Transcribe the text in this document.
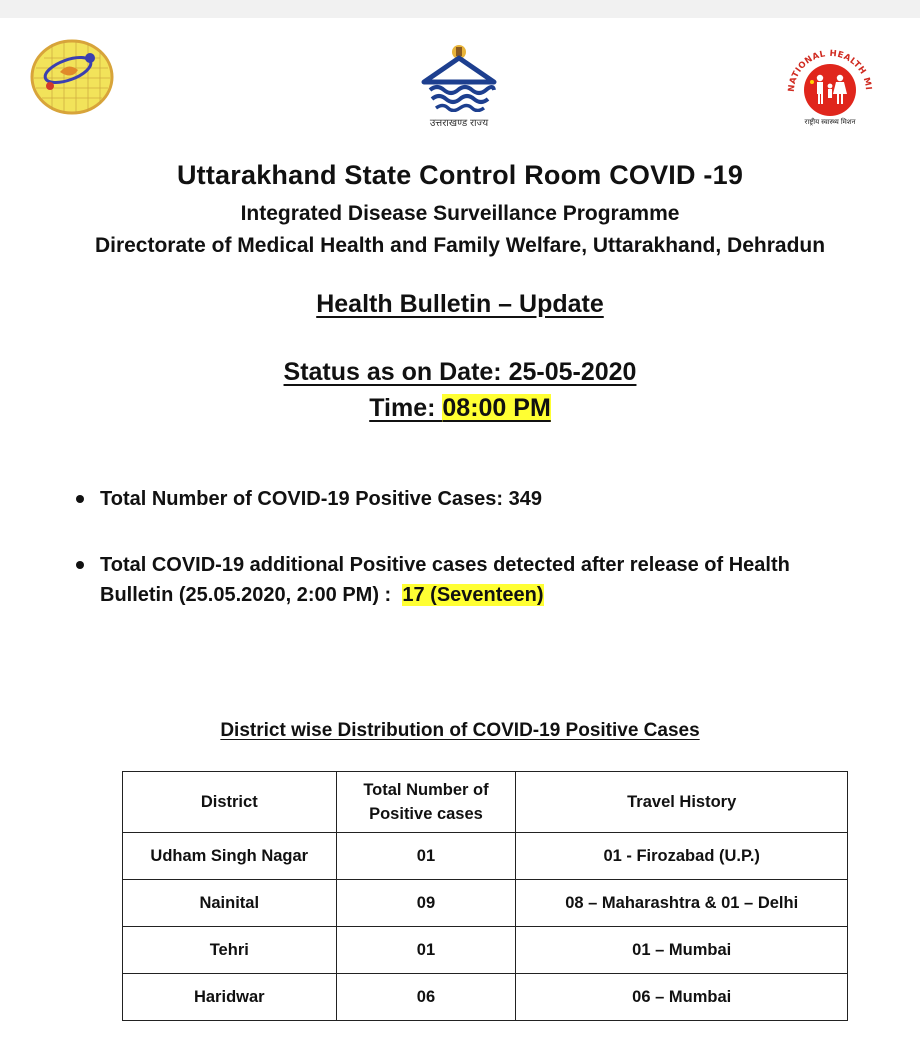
उत्तराखण्ड राज्य
NATIONAL HEALTH MI
राष्ट्रीय स्वास्थ्य मिशन
Uttarakhand State Control Room COVID -19
Integrated Disease Surveillance Programme
Directorate of Medical Health and Family Welfare, Uttarakhand, Dehradun
Health Bulletin – Update
Status as on Date: 25-05-2020
Time: 08:00 PM
Total Number of COVID-19 Positive Cases: 349
Total COVID-19 additional Positive cases detected after release of Health Bulletin (25.05.2020, 2:00 PM) : 17 (Seventeen)
District wise Distribution of COVID-19 Positive Cases
District	Total Number of Positive cases	Travel History
Udham Singh Nagar	01	01 - Firozabad (U.P.)
Nainital	09	08 – Maharashtra & 01 – Delhi
Tehri	01	01 – Mumbai
Haridwar	06	06 – Mumbai
